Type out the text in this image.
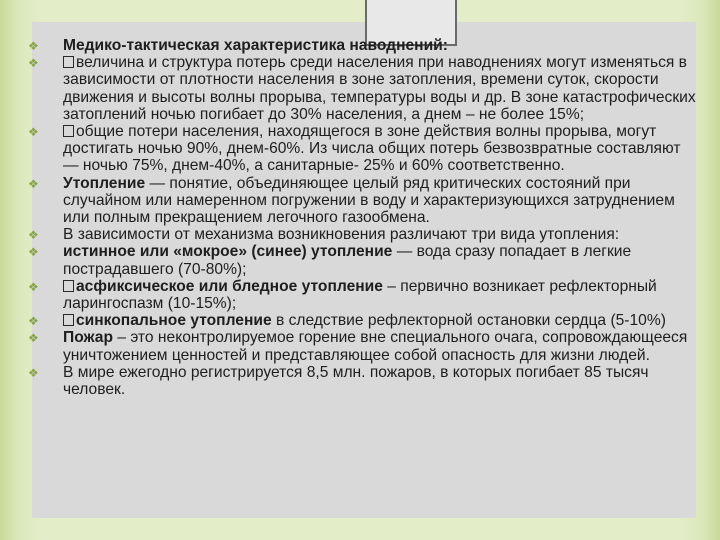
❖
Медико-тактическая характеристика наводнений:
❖
величина и структура потерь среди населения при наводнениях могут изменяться в зависимости от плотности населения в зоне затопления, времени суток, скорости движения и высоты волны прорыва, температуры воды и др. В зоне катастрофических затоплений ночью погибает до 30% населения, а днем – не более 15%;
❖
общие потери населения, находящегося в зоне действия волны прорыва, могут достигать ночью 90%, днем-60%. Из числа общих потерь безвозвратные составляют — ночью 75%, днем-40%, а санитарные- 25% и 60% соответственно.
❖
Утопление — понятие, объединяющее целый ряд критических состояний при случайном или намеренном погружении в воду и характеризующихся затруднением или полным прекращением легочного газообмена.
❖
В зависимости от механизма возникновения различают три вида утопления:
❖
истинное или «мокрое» (синее) утопление — вода сразу попадает в легкие пострадавшего (70-80%);
❖
асфиксическое или бледное утопление – первично возникает рефлекторный ларингоспазм (10-15%);
❖
синкопальное утопление в следствие рефлекторной остановки сердца (5-10%)
❖
Пожар – это неконтролируемое горение вне специального очага, сопровождающееся уничтожением ценностей и представляющее собой опасность для жизни людей.
❖
В мире ежегодно регистрируется 8,5 млн. пожаров, в которых погибает 85 тысяч человек.
